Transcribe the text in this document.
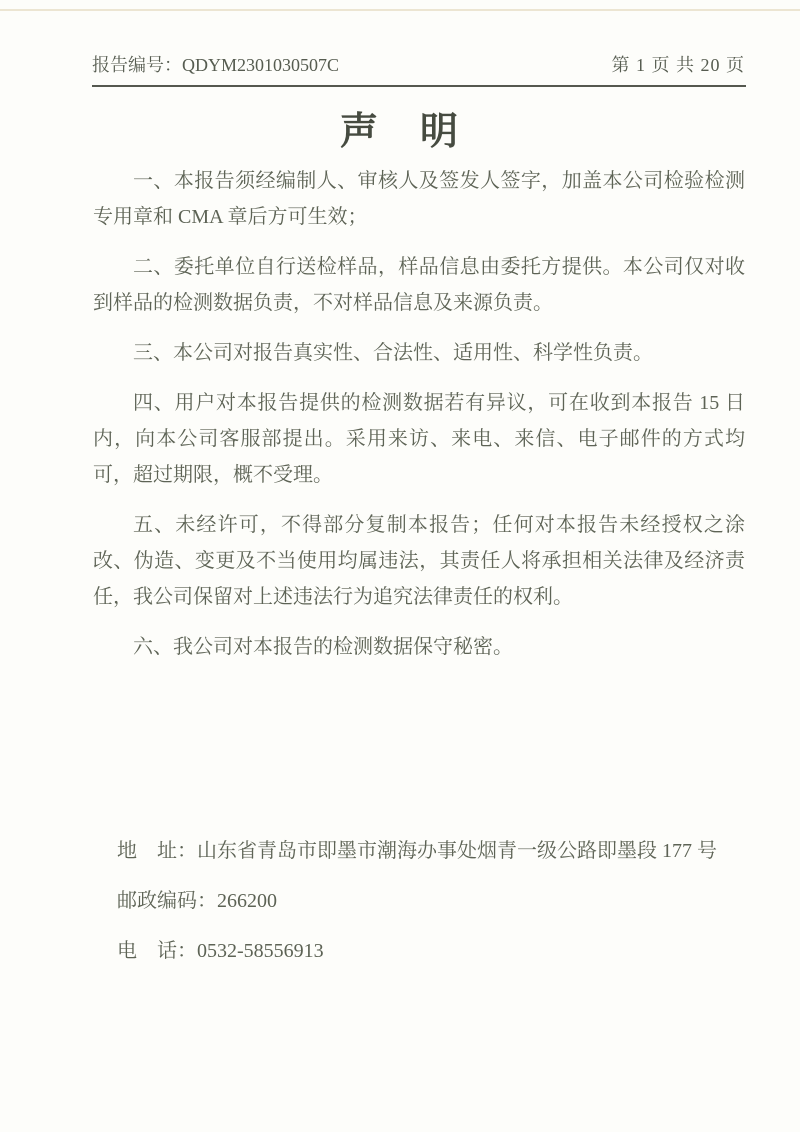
报告编号：QDYM2301030507C	第 1 页 共 20 页
声　明

一、本报告须经编制人、审核人及签发人签字，加盖本公司检验检测专用章和 CMA 章后方可生效；

二、委托单位自行送检样品，样品信息由委托方提供。本公司仅对收到样品的检测数据负责，不对样品信息及来源负责。

三、本公司对报告真实性、合法性、适用性、科学性负责。

四、用户对本报告提供的检测数据若有异议，可在收到本报告 15 日内，向本公司客服部提出。采用来访、来电、来信、电子邮件的方式均可，超过期限，概不受理。

五、未经许可，不得部分复制本报告；任何对本报告未经授权之涂改、伪造、变更及不当使用均属违法，其责任人将承担相关法律及经济责任，我公司保留对上述违法行为追究法律责任的权利。

六、我公司对本报告的检测数据保守秘密。

地　址：山东省青岛市即墨市潮海办事处烟青一级公路即墨段 177 号
邮政编码：266200
电　话：0532-58556913
